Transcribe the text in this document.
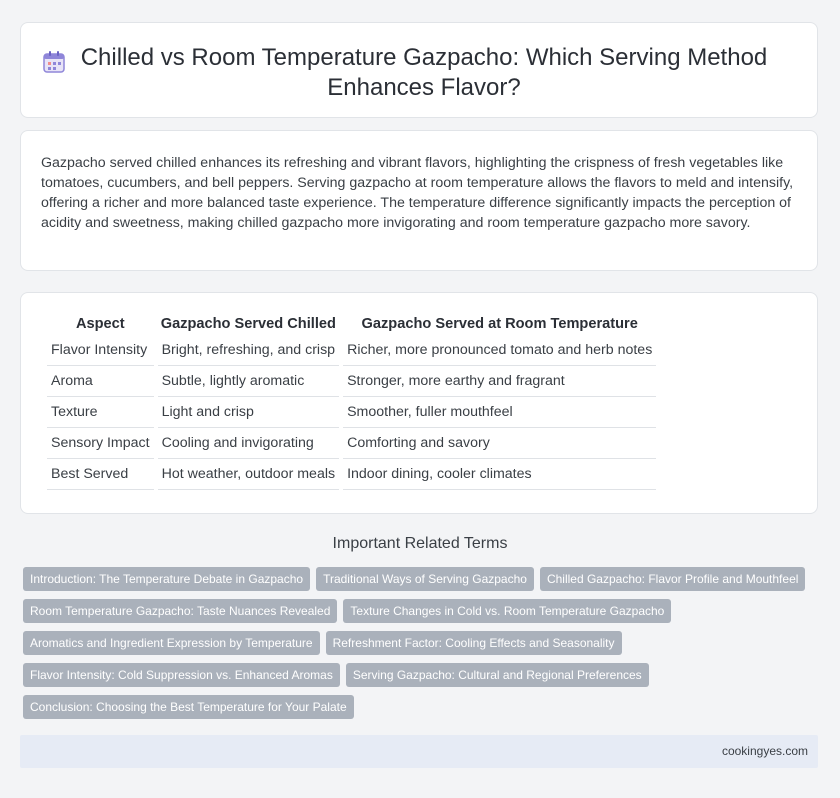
Chilled vs Room Temperature Gazpacho: Which Serving Method Enhances Flavor?

Gazpacho served chilled enhances its refreshing and vibrant flavors, highlighting the crispness of fresh vegetables like tomatoes, cucumbers, and bell peppers. Serving gazpacho at room temperature allows the flavors to meld and intensify, offering a richer and more balanced taste experience. The temperature difference significantly impacts the perception of acidity and sweetness, making chilled gazpacho more invigorating and room temperature gazpacho more savory.

Aspect	Gazpacho Served Chilled	Gazpacho Served at Room Temperature
Flavor Intensity	Bright, refreshing, and crisp	Richer, more pronounced tomato and herb notes
Aroma	Subtle, lightly aromatic	Stronger, more earthy and fragrant
Texture	Light and crisp	Smoother, fuller mouthfeel
Sensory Impact	Cooling and invigorating	Comforting and savory
Best Served	Hot weather, outdoor meals	Indoor dining, cooler climates
Important Related Terms
Introduction: The Temperature Debate in Gazpacho Traditional Ways of Serving Gazpacho Chilled Gazpacho: Flavor Profile and Mouthfeel
Room Temperature Gazpacho: Taste Nuances Revealed Texture Changes in Cold vs. Room Temperature Gazpacho
Aromatics and Ingredient Expression by Temperature Refreshment Factor: Cooling Effects and Seasonality
Flavor Intensity: Cold Suppression vs. Enhanced Aromas Serving Gazpacho: Cultural and Regional Preferences
Conclusion: Choosing the Best Temperature for Your Palate
cookingyes.com
